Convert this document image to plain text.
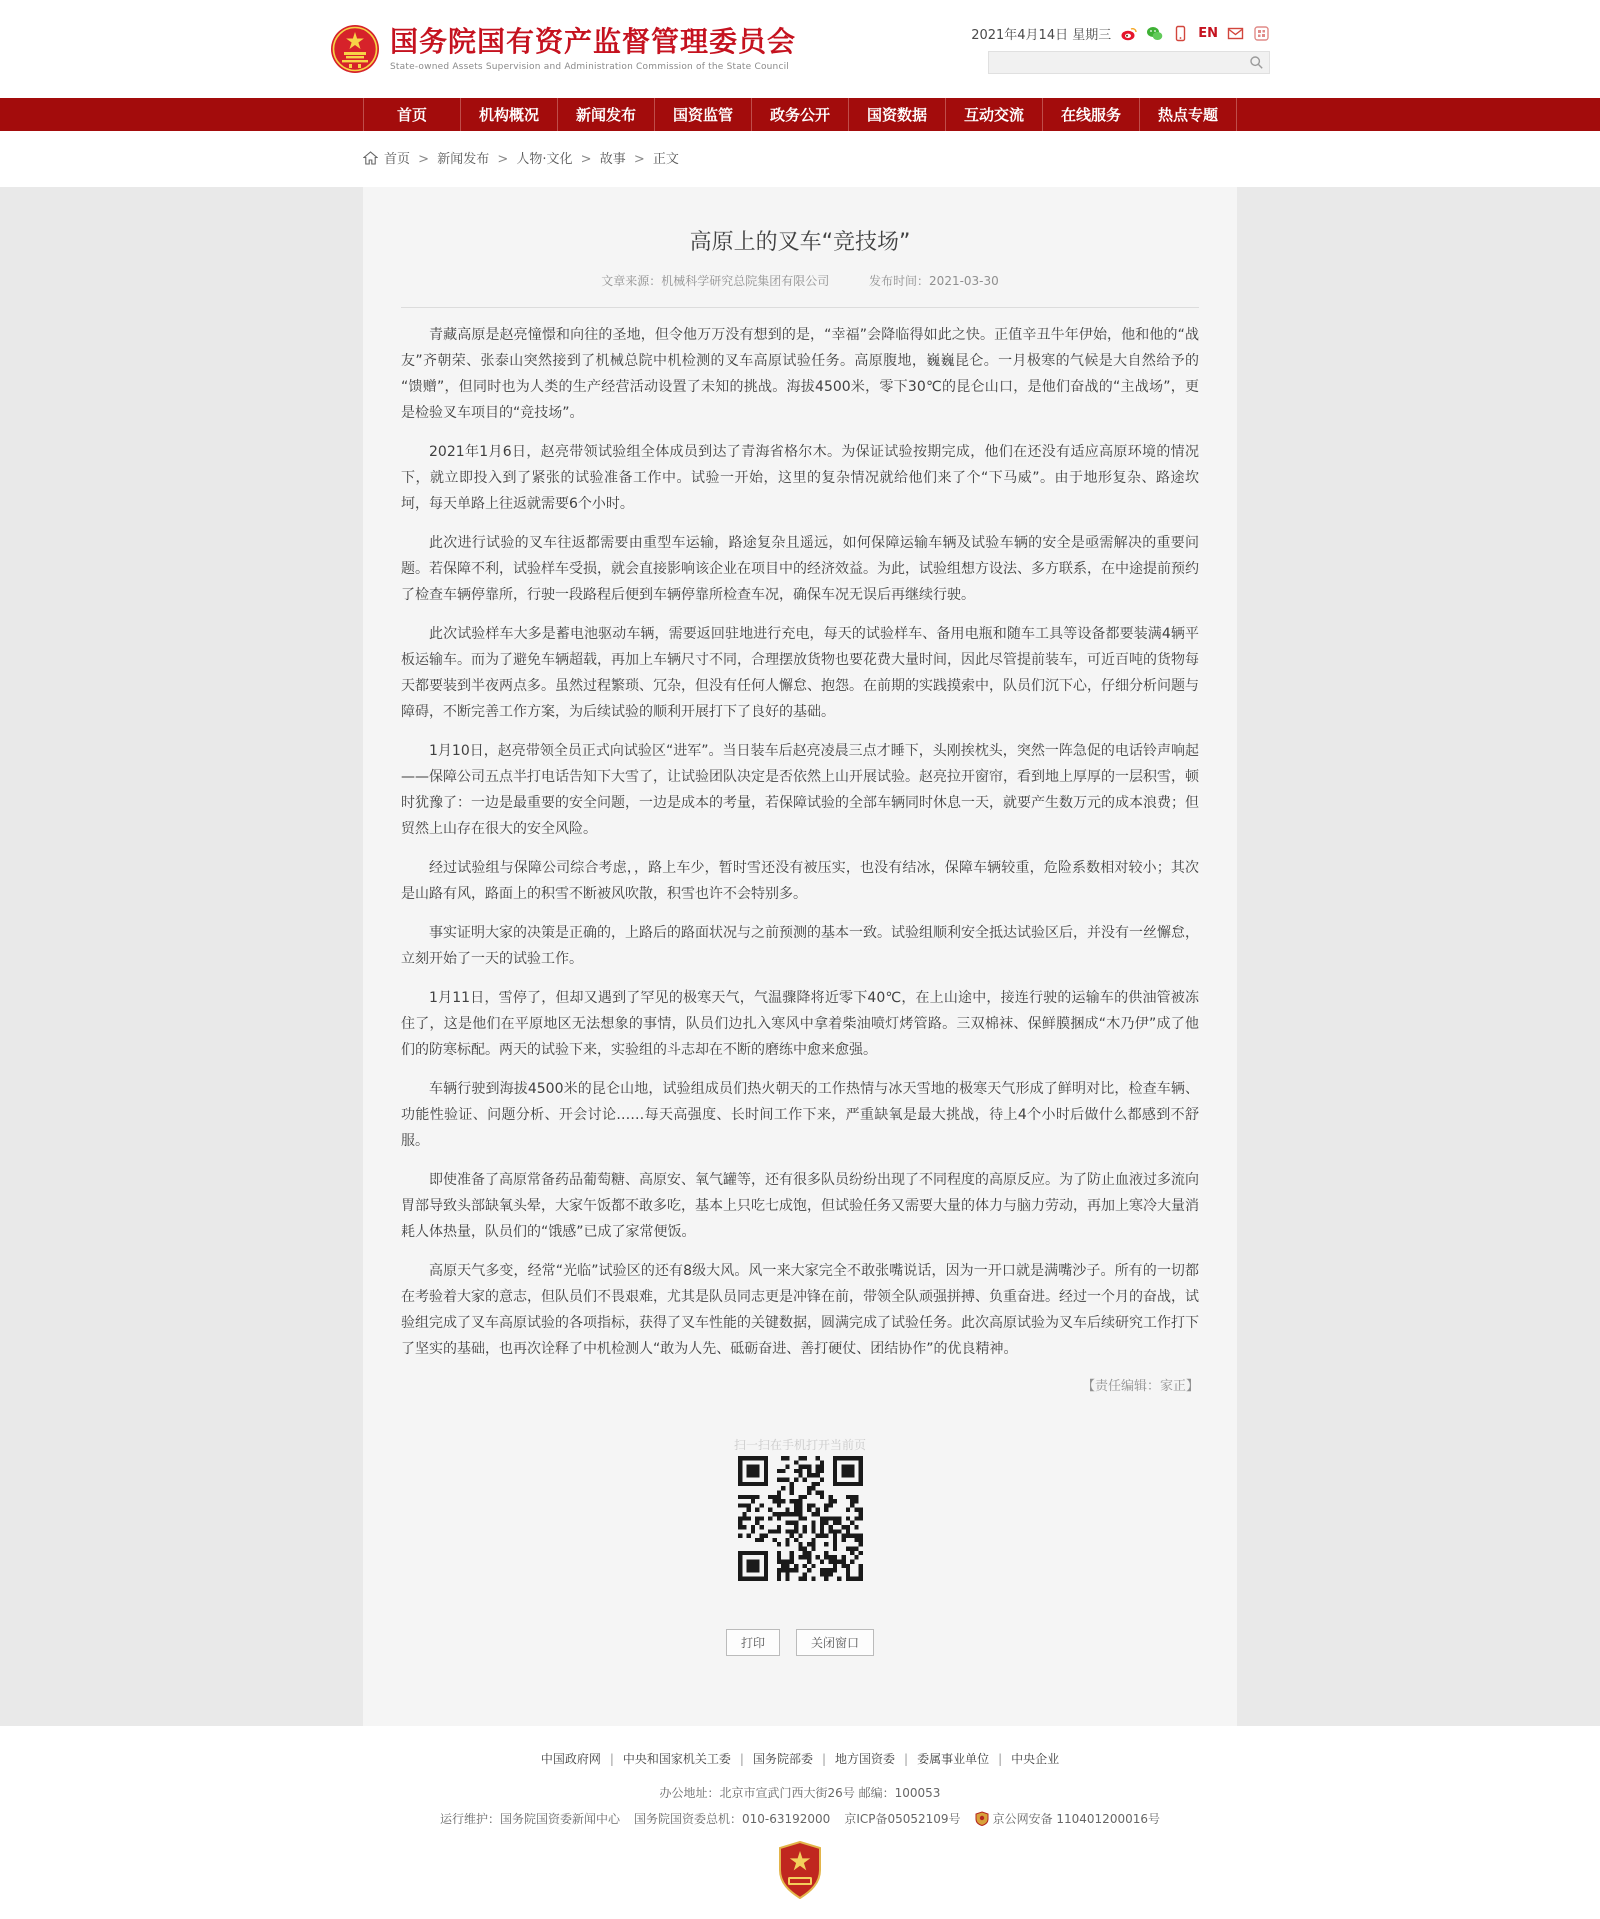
国务院国有资产监督管理委员会
State-owned Assets Supervision and Administration Commission of the State Council
2021年4月14日 星期三	EN
首页	机构概况	新闻发布	国资监管	政务公开	国资数据	互动交流	在线服务	热点专题
首页 > 新闻发布 > 人物·文化 > 故事 > 正文
高原上的叉车“竞技场”
文章来源：机械科学研究总院集团有限公司	发布时间：2021-03-30

青藏高原是赵亮憧憬和向往的圣地，但令他万万没有想到的是，“幸福”会降临得如此之快。正值辛丑牛年伊始，他和他的“战友”齐朝荣、张泰山突然接到了机械总院中机检测的叉车高原试验任务。高原腹地，巍巍昆仑。一月极寒的气候是大自然给予的“馈赠”，但同时也为人类的生产经营活动设置了未知的挑战。海拔4500米，零下30℃的昆仑山口，是他们奋战的“主战场”，更是检验叉车项目的“竞技场”。

2021年1月6日，赵亮带领试验组全体成员到达了青海省格尔木。为保证试验按期完成，他们在还没有适应高原环境的情况下，就立即投入到了紧张的试验准备工作中。试验一开始，这里的复杂情况就给他们来了个“下马威”。由于地形复杂、路途坎坷，每天单路上往返就需要6个小时。

此次进行试验的叉车往返都需要由重型车运输，路途复杂且遥远，如何保障运输车辆及试验车辆的安全是亟需解决的重要问题。若保障不利，试验样车受损，就会直接影响该企业在项目中的经济效益。为此，试验组想方设法、多方联系，在中途提前预约了检查车辆停靠所，行驶一段路程后便到车辆停靠所检查车况，确保车况无误后再继续行驶。

此次试验样车大多是蓄电池驱动车辆，需要返回驻地进行充电，每天的试验样车、备用电瓶和随车工具等设备都要装满4辆平板运输车。而为了避免车辆超载，再加上车辆尺寸不同，合理摆放货物也要花费大量时间，因此尽管提前装车，可近百吨的货物每天都要装到半夜两点多。虽然过程繁琐、冗杂，但没有任何人懈怠、抱怨。在前期的实践摸索中，队员们沉下心，仔细分析问题与障碍，不断完善工作方案，为后续试验的顺利开展打下了良好的基础。

1月10日，赵亮带领全员正式向试验区“进军”。当日装车后赵亮凌晨三点才睡下，头刚挨枕头，突然一阵急促的电话铃声响起——保障公司五点半打电话告知下大雪了，让试验团队决定是否依然上山开展试验。赵亮拉开窗帘，看到地上厚厚的一层积雪，顿时犹豫了：一边是最重要的安全问题，一边是成本的考量，若保障试验的全部车辆同时休息一天，就要产生数万元的成本浪费；但贸然上山存在很大的安全风险。

经过试验组与保障公司综合考虑，，路上车少，暂时雪还没有被压实，也没有结冰，保障车辆较重，危险系数相对较小；其次是山路有风，路面上的积雪不断被风吹散，积雪也许不会特别多。

事实证明大家的决策是正确的，上路后的路面状况与之前预测的基本一致。试验组顺利安全抵达试验区后，并没有一丝懈怠，立刻开始了一天的试验工作。

1月11日，雪停了，但却又遇到了罕见的极寒天气，气温骤降将近零下40℃，在上山途中，接连行驶的运输车的供油管被冻住了，这是他们在平原地区无法想象的事情，队员们边扎入寒风中拿着柴油喷灯烤管路。三双棉袜、保鲜膜捆成“木乃伊”成了他们的防寒标配。两天的试验下来，实验组的斗志却在不断的磨练中愈来愈强。

车辆行驶到海拔4500米的昆仑山地，试验组成员们热火朝天的工作热情与冰天雪地的极寒天气形成了鲜明对比，检查车辆、功能性验证、问题分析、开会讨论……每天高强度、长时间工作下来，严重缺氧是最大挑战，待上4个小时后做什么都感到不舒服。

即使准备了高原常备药品葡萄糖、高原安、氧气罐等，还有很多队员纷纷出现了不同程度的高原反应。为了防止血液过多流向胃部导致头部缺氧头晕，大家午饭都不敢多吃，基本上只吃七成饱，但试验任务又需要大量的体力与脑力劳动，再加上寒冷大量消耗人体热量，队员们的“饿感”已成了家常便饭。

高原天气多变，经常“光临”试验区的还有8级大风。风一来大家完全不敢张嘴说话，因为一开口就是满嘴沙子。所有的一切都在考验着大家的意志，但队员们不畏艰难，尤其是队员同志更是冲锋在前，带领全队顽强拼搏、负重奋进。经过一个月的奋战，试验组完成了叉车高原试验的各项指标，获得了叉车性能的关键数据，圆满完成了试验任务。此次高原试验为叉车后续研究工作打下了坚实的基础，也再次诠释了中机检测人“敢为人先、砥砺奋进、善打硬仗、团结协作”的优良精神。

【责任编辑：家正】
扫一扫在手机打开当前页
打印	关闭窗口
中国政府网 | 中央和国家机关工委 | 国务院部委 | 地方国资委 | 委属事业单位 | 中央企业
办公地址：北京市宣武门西大街26号 邮编：100053
运行维护：国务院国资委新闻中心 国务院国资委总机：010-63192000 京ICP备05052109号	京公网安备 110401200016号
